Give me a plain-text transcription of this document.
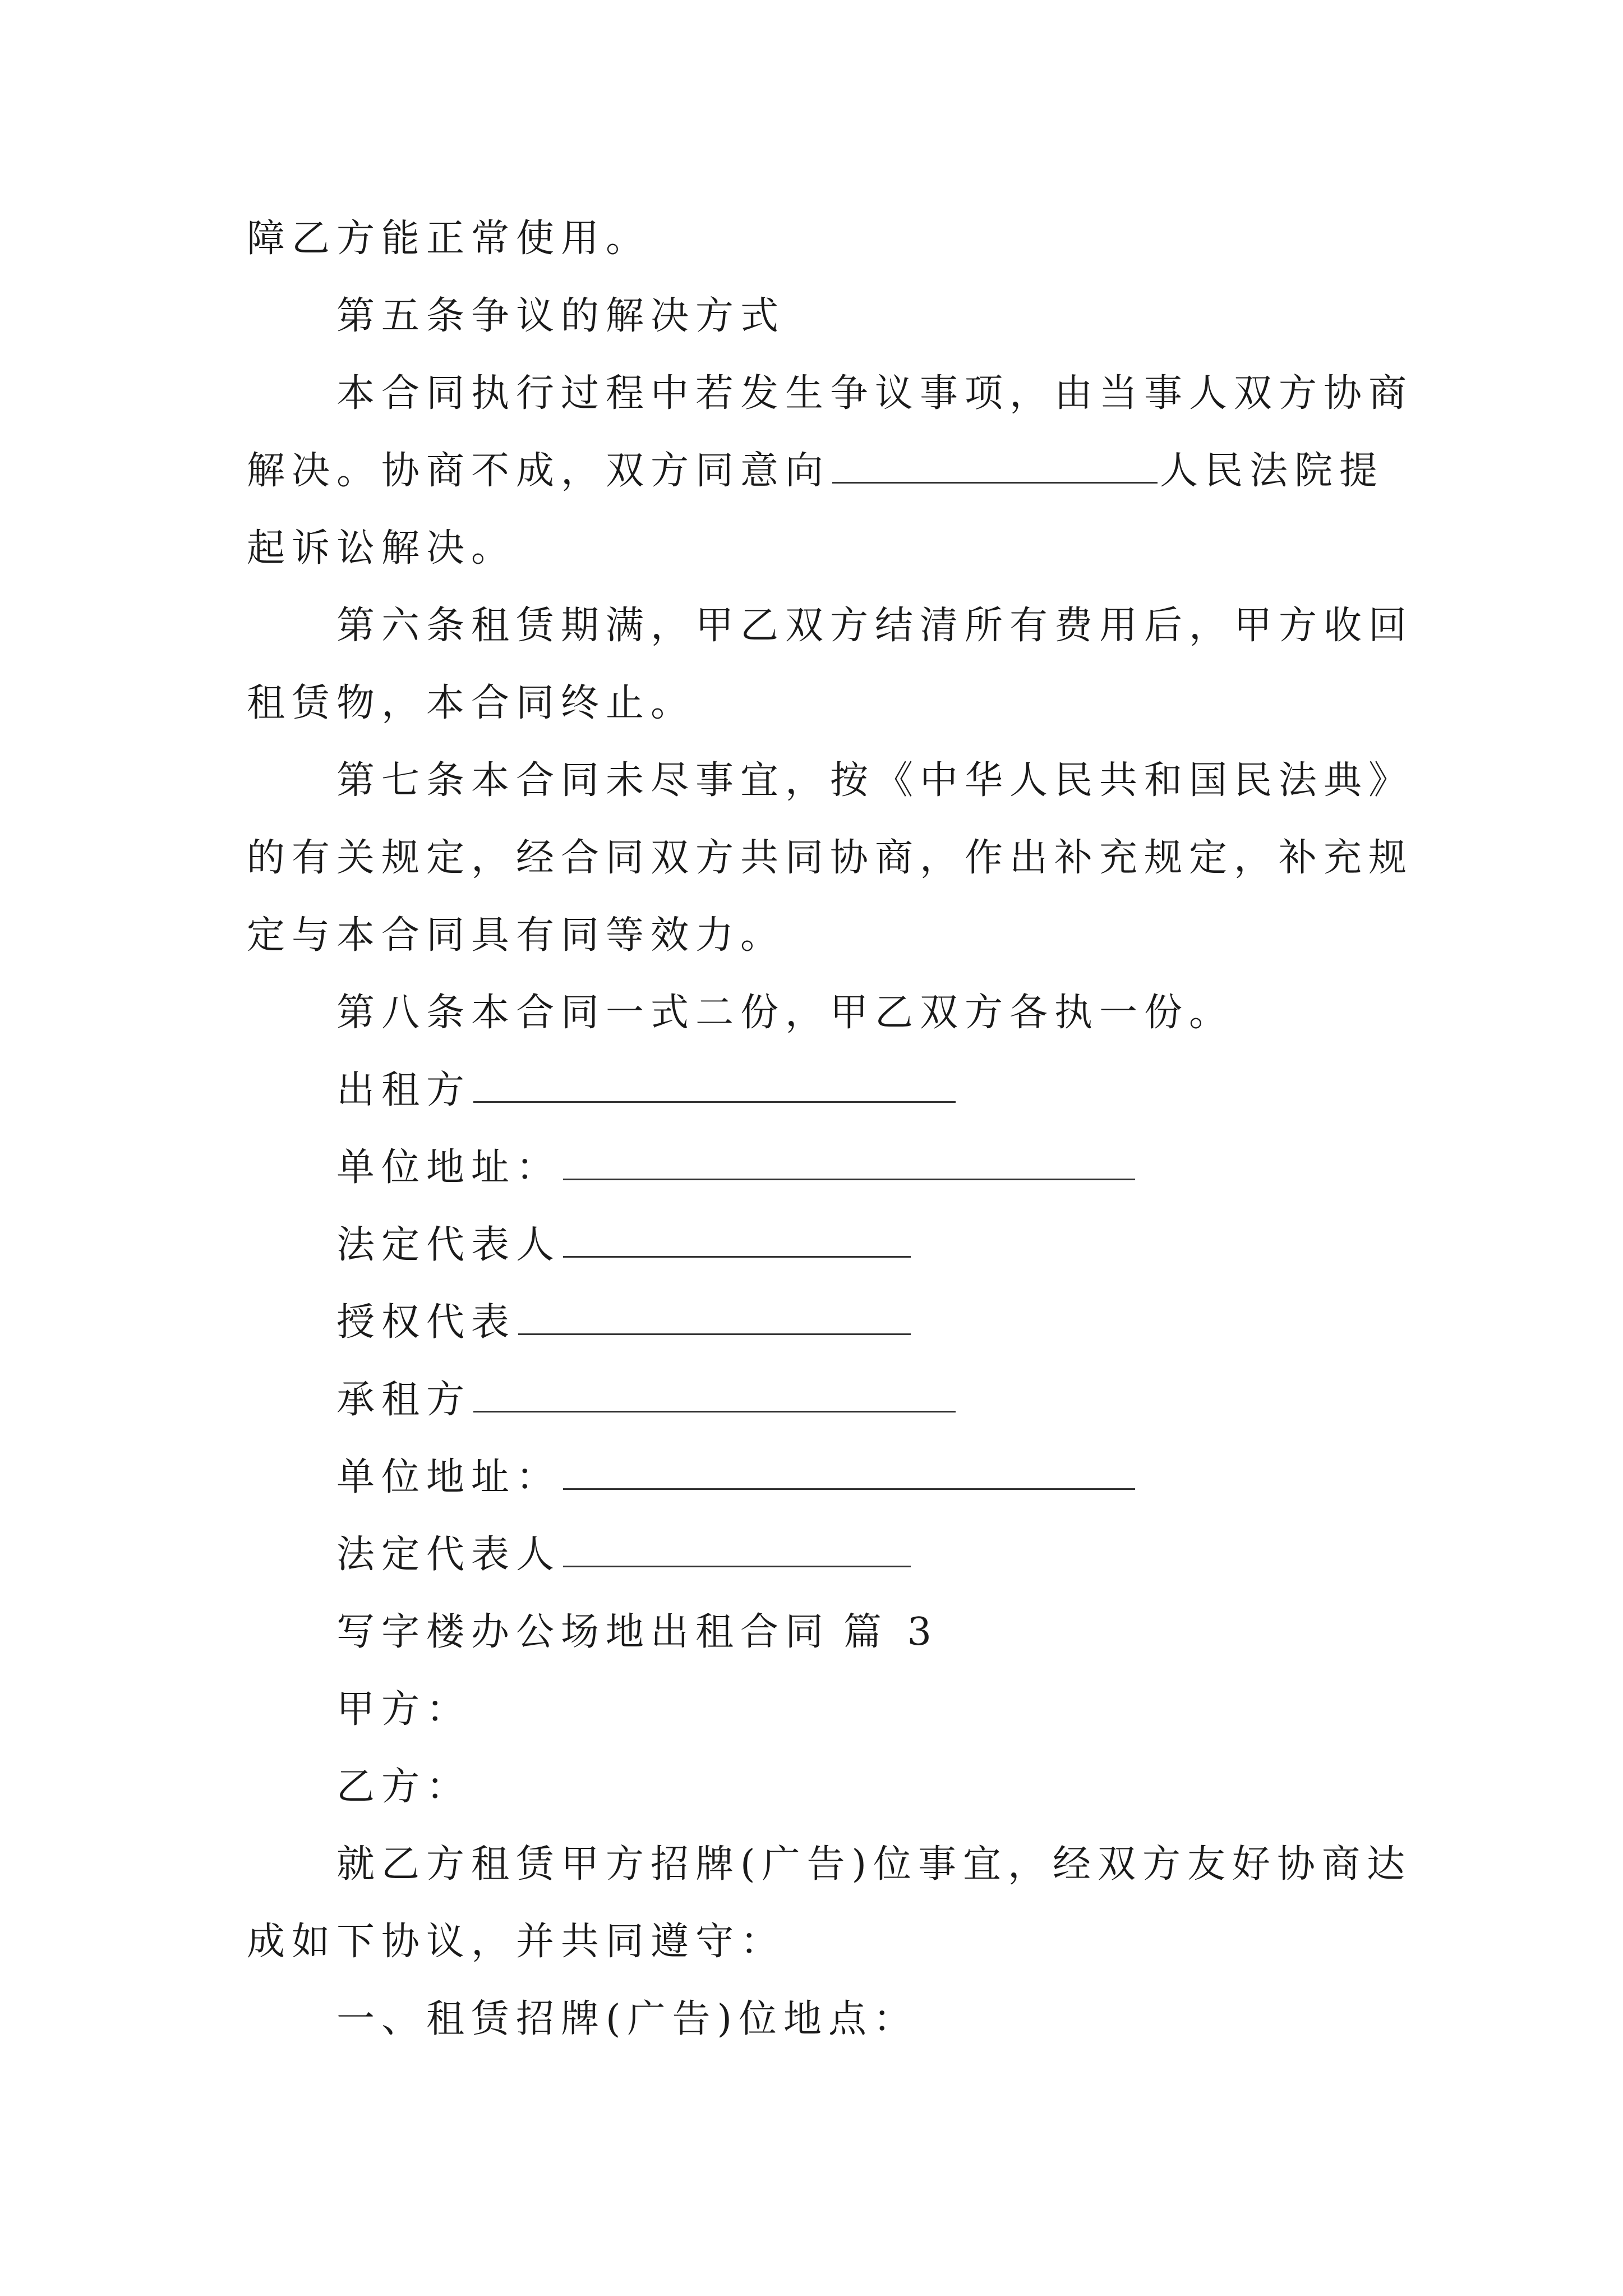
障乙方能正常使用。
第五条争议的解决方式
本合同执行过程中若发生争议事项，由当事人双方协商
解决。协商不成，双方同意向	人民法院提
起诉讼解决。
第六条租赁期满，甲乙双方结清所有费用后，甲方收回
租赁物，本合同终止。
第七条本合同未尽事宜，按《中华人民共和国民法典》
的有关规定，经合同双方共同协商，作出补充规定，补充规
定与本合同具有同等效力。
第八条本合同一式二份，甲乙双方各执一份。
出租方
单位地址：
法定代表人
授权代表
承租方
单位地址：
法定代表人
写字楼办公场地出租合同 篇 3
甲方：
乙方：
就乙方租赁甲方招牌(广告)位事宜，经双方友好协商达
成如下协议，并共同遵守：
一、租赁招牌(广告)位地点：
